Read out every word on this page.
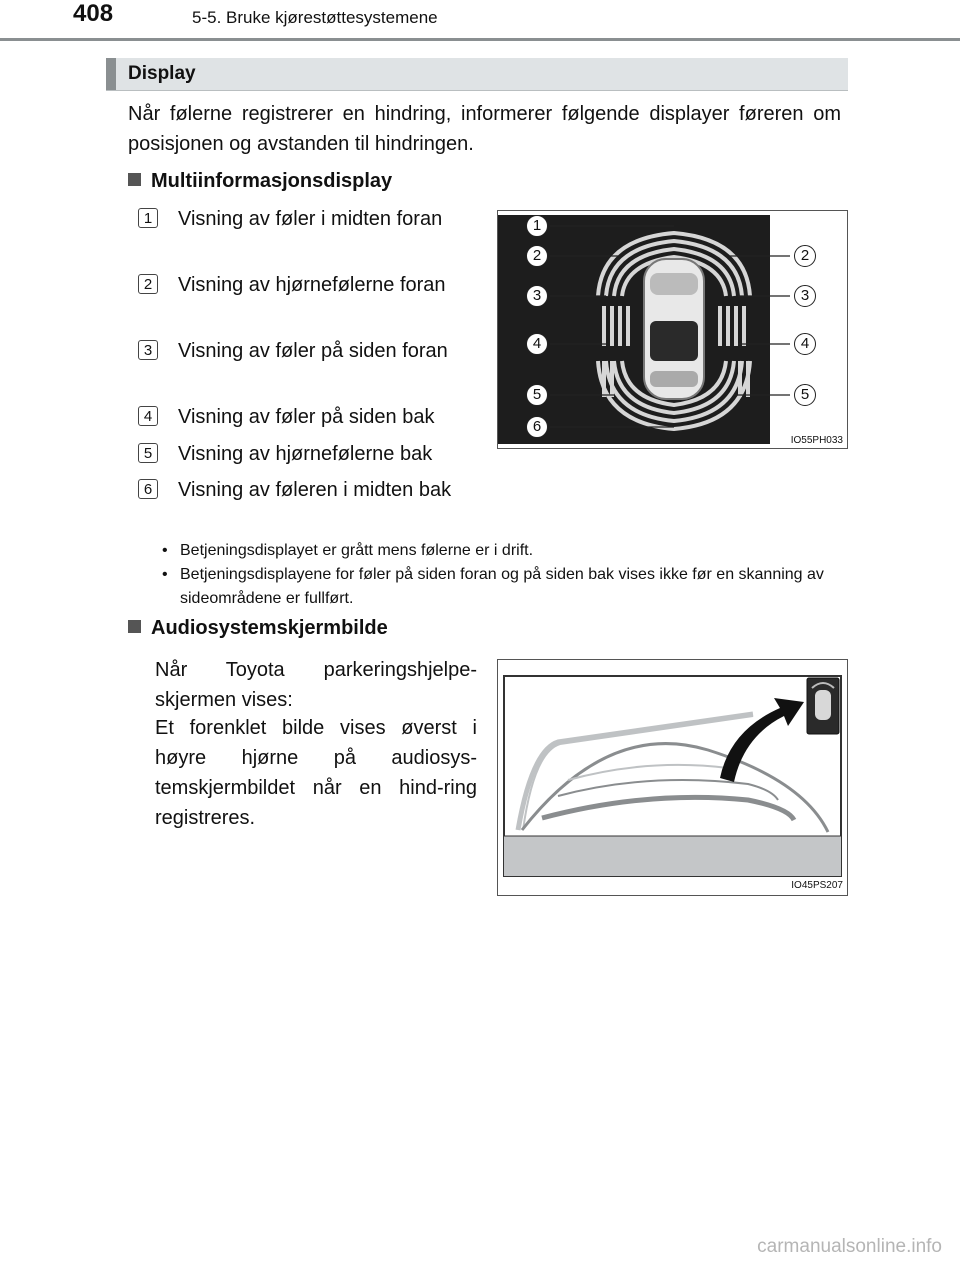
408	5-5. Bruke kjørestøttesystemene
Display
Når følerne registrerer en hindring, informerer følgende displayer føreren om posisjonen og avstanden til hindringen.
Multiinformasjonsdisplay
1 Visning av føler i midten foran
2 Visning av hjørnefølerne foran
3 Visning av føler på siden foran
4 Visning av føler på siden bak
5 Visning av hjørnefølerne bak
6 Visning av føleren i midten bak
1
2	2
3	3
4	4
5	5
6
IO55PH033
• Betjeningsdisplayet er grått mens følerne er i drift.
• Betjeningsdisplayene for føler på siden foran og på siden bak vises ikke før en skanning av sideområdene er fullført.
Audiosystemskjermbilde
Når Toyota parkeringshjelpe-skjermen vises:
Et forenklet bilde vises øverst i høyre hjørne på audiosys-temskjermbildet når en hind-ring registreres.
IO45PS207
carmanualsonline.info
